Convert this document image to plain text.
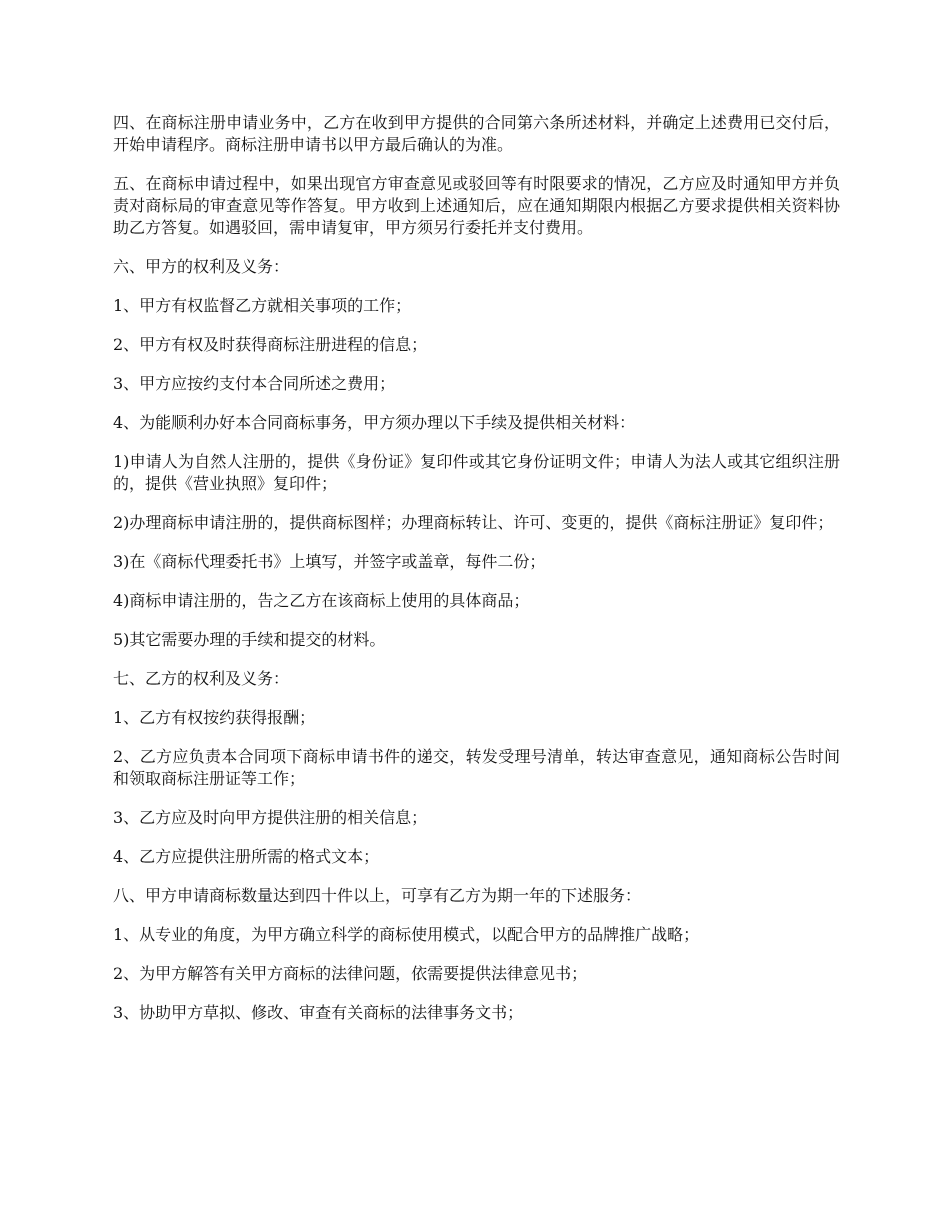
四、在商标注册申请业务中，乙方在收到甲方提供的合同第六条所述材料，并确定上述费用已交付后，开始申请程序。商标注册申请书以甲方最后确认的为准。

五、在商标申请过程中，如果出现官方审查意见或驳回等有时限要求的情况，乙方应及时通知甲方并负责对商标局的审查意见等作答复。甲方收到上述通知后，应在通知期限内根据乙方要求提供相关资料协助乙方答复。如遇驳回，需申请复审，甲方须另行委托并支付费用。

六、甲方的权利及义务：

1、甲方有权监督乙方就相关事项的工作；

2、甲方有权及时获得商标注册进程的信息；

3、甲方应按约支付本合同所述之费用；

4、为能顺利办好本合同商标事务，甲方须办理以下手续及提供相关材料：

1)申请人为自然人注册的，提供《身份证》复印件或其它身份证明文件；申请人为法人或其它组织注册的，提供《营业执照》复印件；

2)办理商标申请注册的，提供商标图样；办理商标转让、许可、变更的，提供《商标注册证》复印件；

3)在《商标代理委托书》上填写，并签字或盖章，每件二份；

4)商标申请注册的，告之乙方在该商标上使用的具体商品；

5)其它需要办理的手续和提交的材料。

七、乙方的权利及义务：

1、乙方有权按约获得报酬；

2、乙方应负责本合同项下商标申请书件的递交，转发受理号清单，转达审查意见，通知商标公告时间和领取商标注册证等工作；

3、乙方应及时向甲方提供注册的相关信息；

4、乙方应提供注册所需的格式文本；

八、甲方申请商标数量达到四十件以上，可享有乙方为期一年的下述服务：

1、从专业的角度，为甲方确立科学的商标使用模式，以配合甲方的品牌推广战略；

2、为甲方解答有关甲方商标的法律问题，依需要提供法律意见书；

3、协助甲方草拟、修改、审查有关商标的法律事务文书；
